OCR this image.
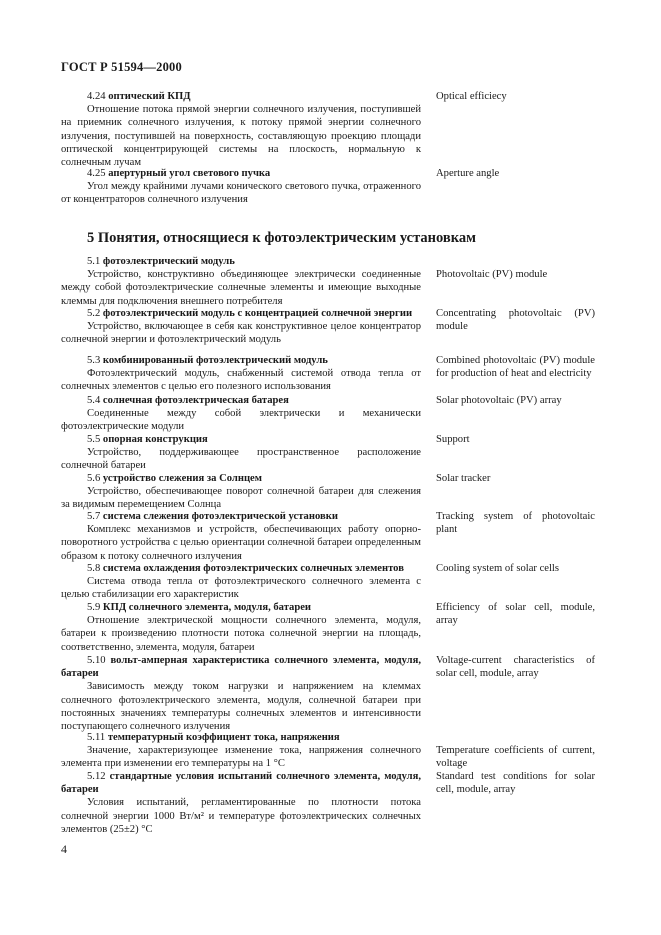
ГОСТ Р 51594—2000
4.24 оптический КПД
Отношение потока прямой энергии солнечного излучения, поступившей на приемник солнечного излучения, к потоку прямой энергии солнечного излучения, поступившей на поверхность, составляющую проекцию площади оптической концентрирующей системы на плоскость, нормальную к солнечным лучам
Optical efficiecy
4.25 апертурный угол светового пучка
Угол между крайними лучами конического светового пучка, отраженного от концентраторов солнечного излучения
Aperture angle
5 Понятия, относящиеся к фотоэлектрическим установкам
5.1 фотоэлектрический модуль
Устройство, конструктивно объединяющее электрически соединенные между собой фотоэлектрические солнечные элементы и имеющие выходные клеммы для подключения внешнего потребителя
Photovoltaic (PV) module
5.2 фотоэлектрический модуль с концентрацией солнечной энергии
Устройство, включающее в себя как конструктивное целое концентратор солнечной энергии и фотоэлектрический модуль
Concentrating photovoltaic (PV) module
5.3 комбинированный фотоэлектрический модуль
Фотоэлектрический модуль, снабженный системой отвода тепла от солнечных элементов с целью его полезного использования
Combined photovoltaic (PV) module for production of heat and electricity
5.4 солнечная фотоэлектрическая батарея
Соединенные между собой электрически и механически фотоэлектрические модули
Solar photovoltaic (PV) array
5.5 опорная конструкция
Устройство, поддерживающее пространственное расположение солнечной батареи
Support
5.6 устройство слежения за Солнцем
Устройство, обеспечивающее поворот солнечной батареи для слежения за видимым перемещением Солнца
Solar tracker
5.7 система слежения фотоэлектрической установки
Комплекс механизмов и устройств, обеспечивающих работу опорно-поворотного устройства с целью ориентации солнечной батареи определенным образом к потоку солнечного излучения
Tracking system of photovoltaic plant
5.8 система охлаждения фотоэлектрических солнечных элементов
Система отвода тепла от фотоэлектрического солнечного элемента с целью стабилизации его характеристик
Cooling system of solar cells
5.9 КПД солнечного элемента, модуля, батареи
Отношение электрической мощности солнечного элемента, модуля, батареи к произведению плотности потока солнечной энергии на площадь, соответственно, элемента, модуля, батареи
Efficiency of solar cell, module, array
5.10 вольт-амперная характеристика солнечного элемента, модуля, батареи
Зависимость между током нагрузки и напряжением на клеммах солнечного фотоэлектрического элемента, модуля, солнечной батареи при постоянных значениях температуры солнечных элементов и интенсивности поступающего солнечного излучения
Voltage-current characteristics of solar cell, module, array
5.11 температурный коэффициент тока, напряжения
Значение, характеризующее изменение тока, напряжения солнечного элемента при изменении его температуры на 1 °С
Temperature coefficients of current, voltage
5.12 стандартные условия испытаний солнечного элемента, модуля, батареи
Условия испытаний, регламентированные по плотности потока солнечной энергии 1000 Вт/м² и температуре фотоэлектрических солнечных элементов (25±2) °С
Standard test conditions for solar cell, module, array
4
